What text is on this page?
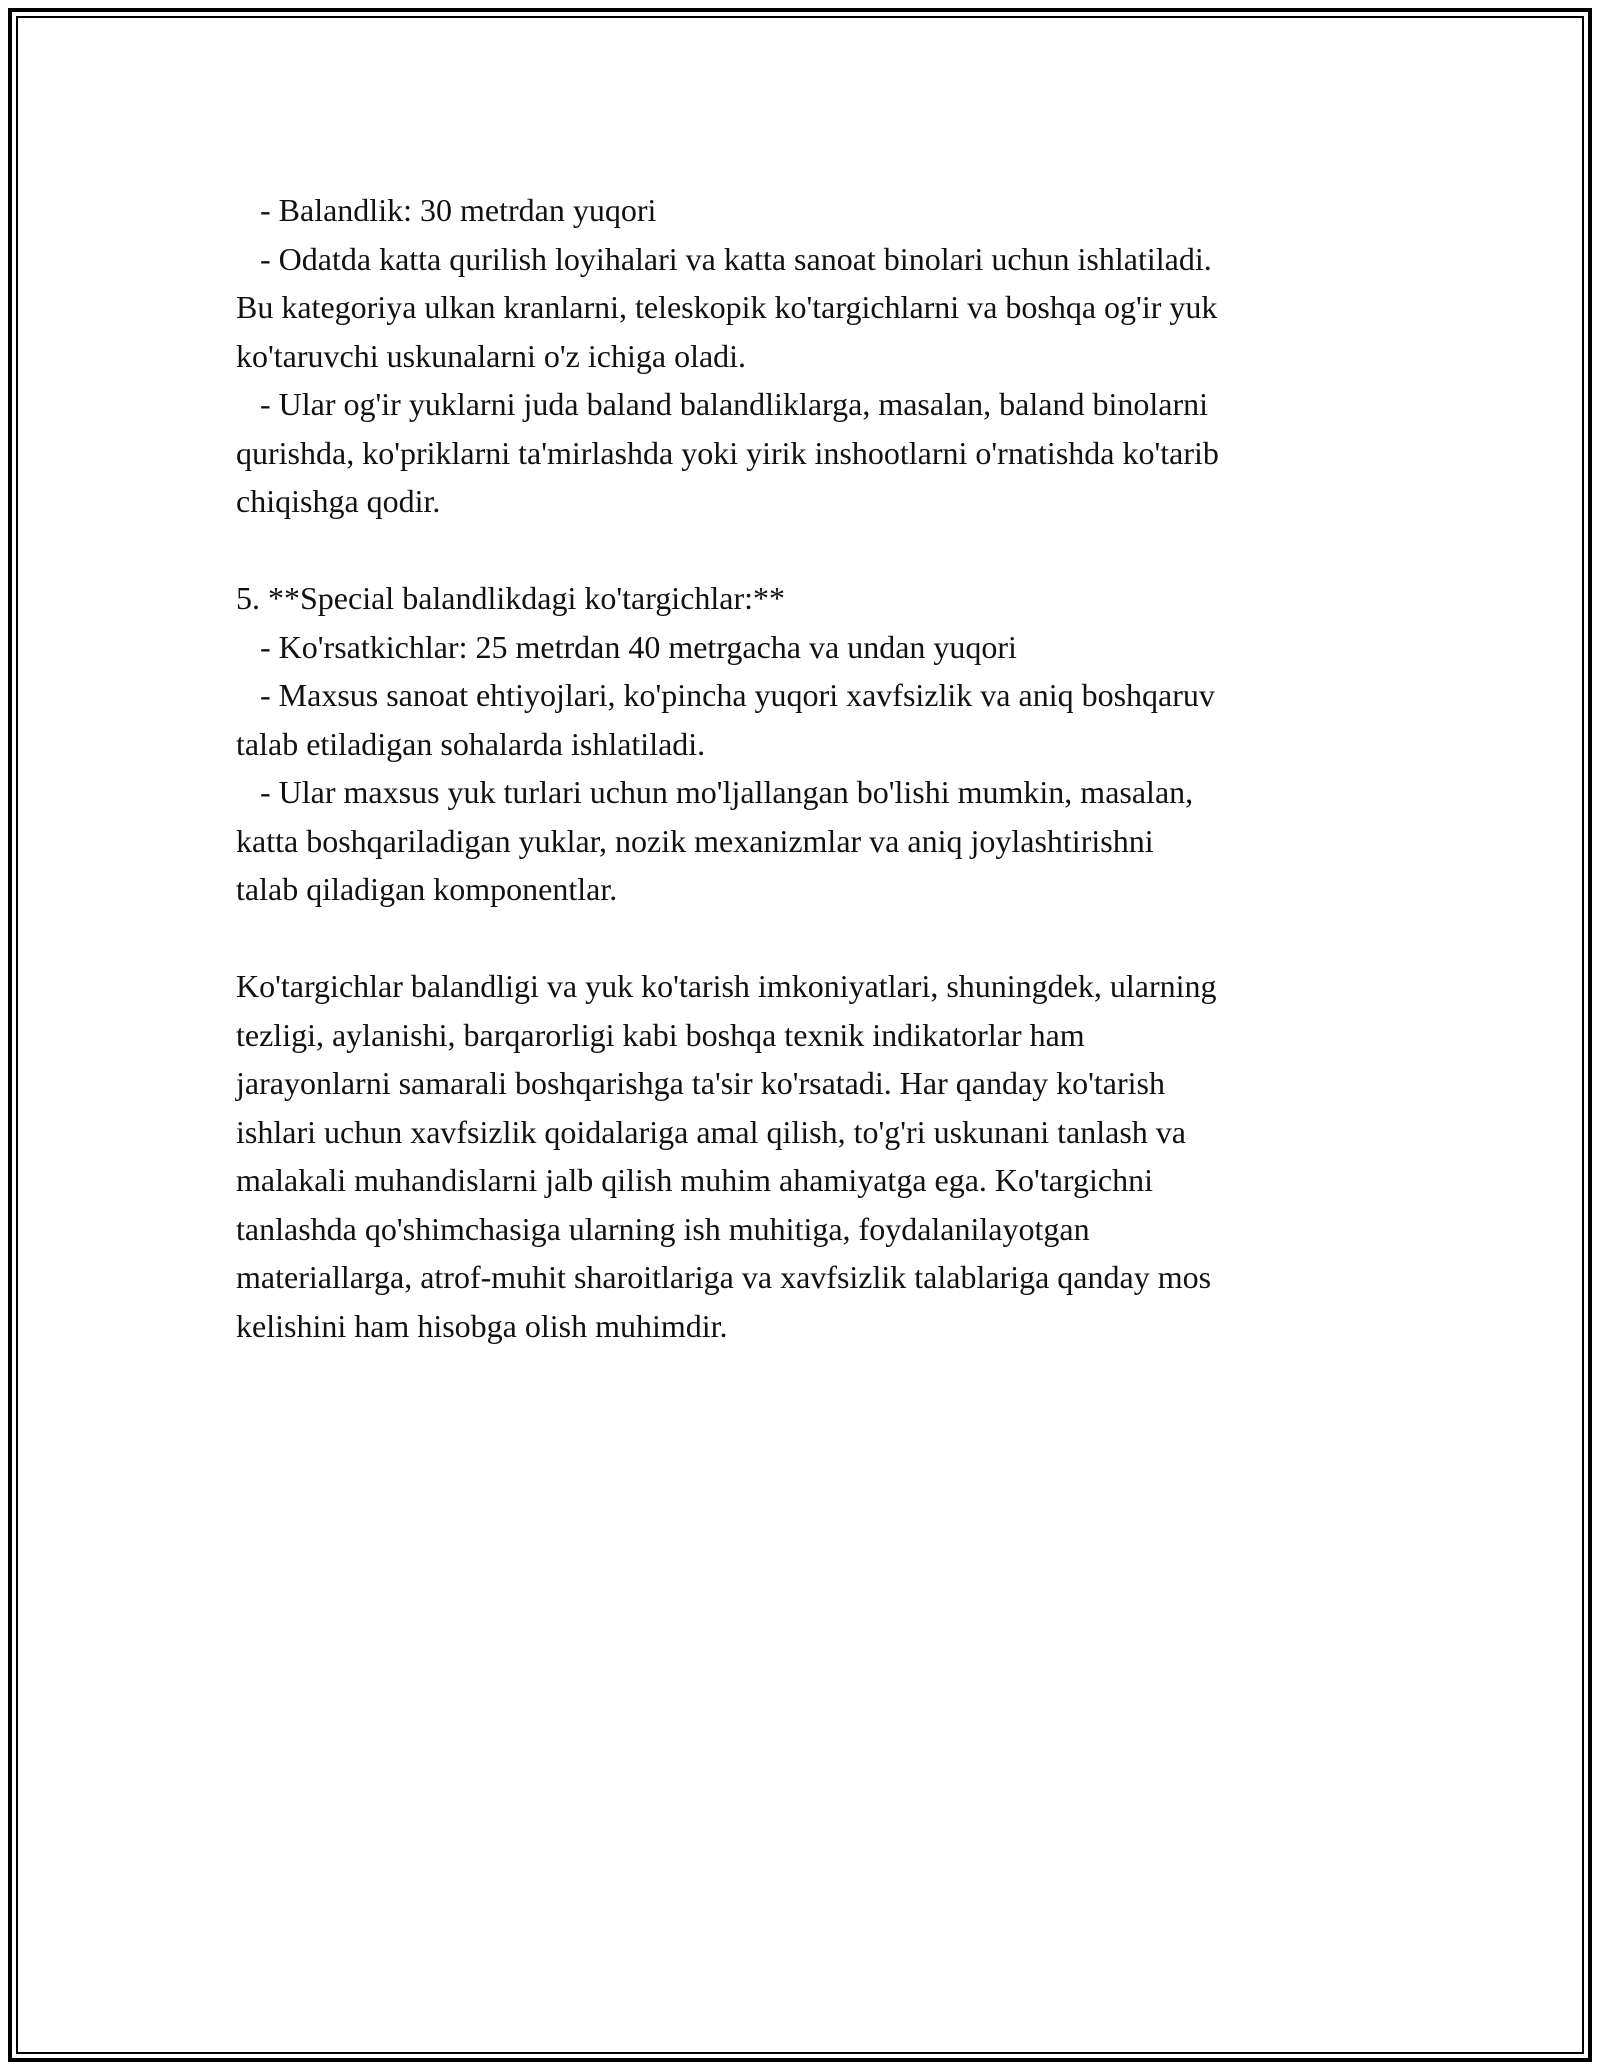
- Balandlik: 30 metrdan yuqori

- Odatda katta qurilish loyihalari va katta sanoat binolari uchun ishlatiladi.

Bu kategoriya ulkan kranlarni, teleskopik ko'targichlarni va boshqa og'ir yuk

ko'taruvchi uskunalarni o'z ichiga oladi.

- Ular og'ir yuklarni juda baland balandliklarga, masalan, baland binolarni

qurishda, ko'priklarni ta'mirlashda yoki yirik inshootlarni o'rnatishda ko'tarib

chiqishga qodir.

5. **Special balandlikdagi ko'targichlar:**

- Ko'rsatkichlar: 25 metrdan 40 metrgacha va undan yuqori

- Maxsus sanoat ehtiyojlari, ko'pincha yuqori xavfsizlik va aniq boshqaruv

talab etiladigan sohalarda ishlatiladi.

- Ular maxsus yuk turlari uchun mo'ljallangan bo'lishi mumkin, masalan,

katta boshqariladigan yuklar, nozik mexanizmlar va aniq joylashtirishni

talab qiladigan komponentlar.

Ko'targichlar balandligi va yuk ko'tarish imkoniyatlari, shuningdek, ularning

tezligi, aylanishi, barqarorligi kabi boshqa texnik indikatorlar ham

jarayonlarni samarali boshqarishga ta'sir ko'rsatadi. Har qanday ko'tarish

ishlari uchun xavfsizlik qoidalariga amal qilish, to'g'ri uskunani tanlash va

malakali muhandislarni jalb qilish muhim ahamiyatga ega. Ko'targichni

tanlashda qo'shimchasiga ularning ish muhitiga, foydalanilayotgan

materiallarga, atrof-muhit sharoitlariga va xavfsizlik talablariga qanday mos

kelishini ham hisobga olish muhimdir.
